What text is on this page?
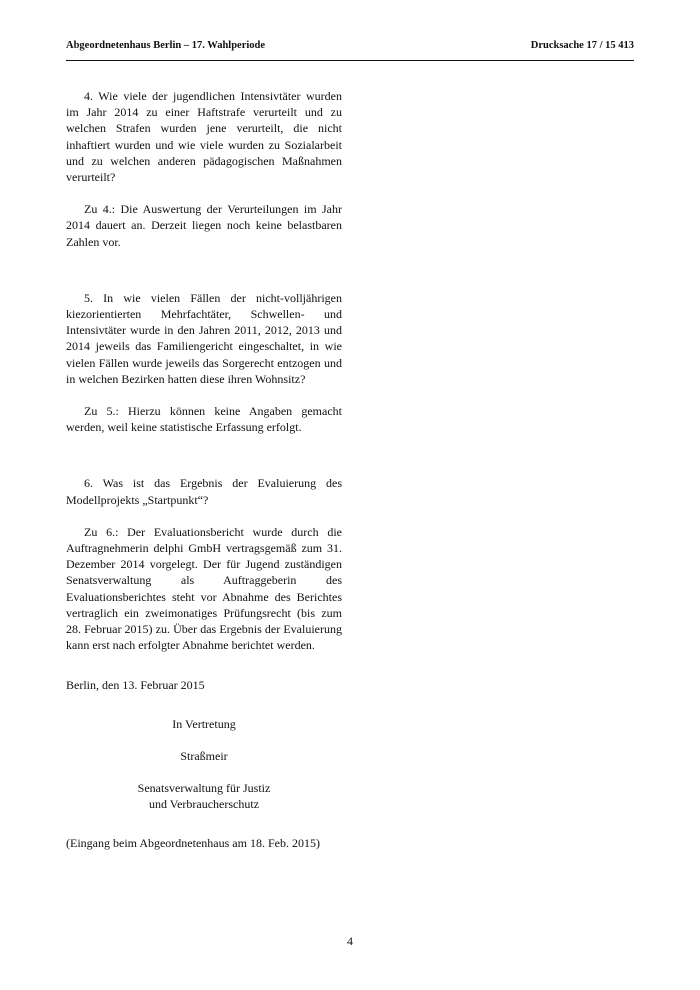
Abgeordnetenhaus Berlin – 17. Wahlperiode	Drucksache 17 / 15 413

4. Wie viele der jugendlichen Intensivtäter wurden im Jahr 2014 zu einer Haftstrafe verurteilt und zu welchen Strafen wurden jene verurteilt, die nicht inhaftiert wurden und wie viele wurden zu Sozialarbeit und zu welchen anderen pädagogischen Maßnahmen verurteilt?

Zu 4.: Die Auswertung der Verurteilungen im Jahr 2014 dauert an. Derzeit liegen noch keine belastbaren Zahlen vor.

5. In wie vielen Fällen der nicht-volljährigen kiezorientierten Mehrfachtäter, Schwellen- und Intensivtäter wurde in den Jahren 2011, 2012, 2013 und 2014 jeweils das Familiengericht eingeschaltet, in wie vielen Fällen wurde jeweils das Sorgerecht entzogen und in welchen Bezirken hatten diese ihren Wohnsitz?

Zu 5.: Hierzu können keine Angaben gemacht werden, weil keine statistische Erfassung erfolgt.

6. Was ist das Ergebnis der Evaluierung des Modellprojekts „Startpunkt“?

Zu 6.: Der Evaluationsbericht wurde durch die Auftragnehmerin delphi GmbH vertragsgemäß zum 31. Dezember 2014 vorgelegt. Der für Jugend zuständigen Senatsverwaltung als Auftraggeberin des Evaluationsberichtes steht vor Abnahme des Berichtes vertraglich ein zweimonatiges Prüfungsrecht (bis zum 28. Februar 2015) zu. Über das Ergebnis der Evaluierung kann erst nach erfolgter Abnahme berichtet werden.

Berlin, den 13. Februar 2015

In Vertretung
Straßmeir
Senatsverwaltung für Justiz
und Verbraucherschutz

(Eingang beim Abgeordnetenhaus am 18. Feb. 2015)

4
